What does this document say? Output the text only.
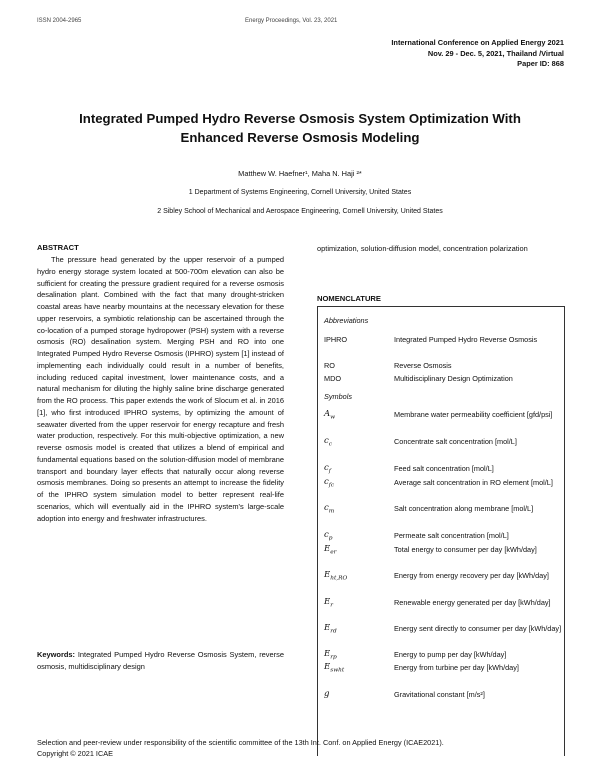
ISSN 2004-2965	Energy Proceedings, Vol. 23, 2021
International Conference on Applied Energy 2021
Nov. 29 - Dec. 5, 2021, Thailand /Virtual
Paper ID: 868
Integrated Pumped Hydro Reverse Osmosis System Optimization With
Enhanced Reverse Osmosis Modeling
Matthew W. Haefner¹, Maha N. Haji ²*
1 Department of Systems Engineering, Cornell University, United States
2 Sibley School of Mechanical and Aerospace Engineering, Cornell University, United States
ABSTRACT
The pressure head generated by the upper reservoir of a pumped hydro energy storage system located at 500-700m elevation can also be sufficient for creating the pressure gradient required for a reverse osmosis desalination plant. Combined with the fact that many drought-stricken coastal areas have nearby mountains at the necessary elevation for these upper reservoirs, a symbiotic relationship can be ascertained through the co-location of a pumped storage hydropower (PSH) system with a reverse osmosis (RO) desalination system. Merging PSH and RO into one Integrated Pumped Hydro Reverse Osmosis (IPHRO) system [1] instead of implementing each individually could result in a number of benefits, including reduced capital investment, lower maintenance costs, and a natural mechanism for diluting the highly saline brine discharge generated from the RO process. This paper extends the work of Slocum et al. in 2016 [1], who first introduced IPHRO systems, by optimizing the amount of seawater diverted from the upper reservoir for energy recapture and fresh water production, respectively. For this multi-objective optimization, a new reverse osmosis model is created that utilizes a blend of empirical and fundamental equations based on the solution-diffusion model of membrane transport and boundary layer effects that naturally occur along reverse osmosis membranes. Doing so presents an attempt to increase the fidelity of the IPHRO system simulation model to better represent real-life scenarios, which will eventually aid in the IPHRO system's large-scale adoption into energy and freshwater infrastructures.
Keywords: Integrated Pumped Hydro Reverse Osmosis System, reverse osmosis, multidisciplinary design
optimization, solution-diffusion model, concentration polarization
NOMENCLATURE
Abbreviations
IPHRO	Integrated Pumped Hydro Reverse Osmosis
RO	Reverse Osmosis
MDO	Multidisciplinary Design Optimization
Symbols
$A_w$	Membrane water permeability coefficient [gfd/psi]
$c_c$	Concentrate salt concentration [mol/L]
$c_f$	Feed salt concentration [mol/L]
$c_{fc}$	Average salt concentration in RO element [mol/L]
$c_m$	Salt concentration along membrane [mol/L]
$c_p$	Permeate salt concentration [mol/L]
$E_{er}$	Total energy to consumer per day [kWh/day]
$E_{ht,RO}$	Energy from energy recovery per day [kWh/day]
$E_r$	Renewable energy generated per day [kWh/day]
$E_{rd}$	Energy sent directly to consumer per day [kWh/day]
$E_{rp}$	Energy to pump per day [kWh/day]
$E_{swht}$	Energy from turbine per day [kWh/day]
g	Gravitational constant [m/s²]
Selection and peer-review under responsibility of the scientific committee of the 13th Int. Conf. on Applied Energy (ICAE2021).
Copyright © 2021 ICAE
